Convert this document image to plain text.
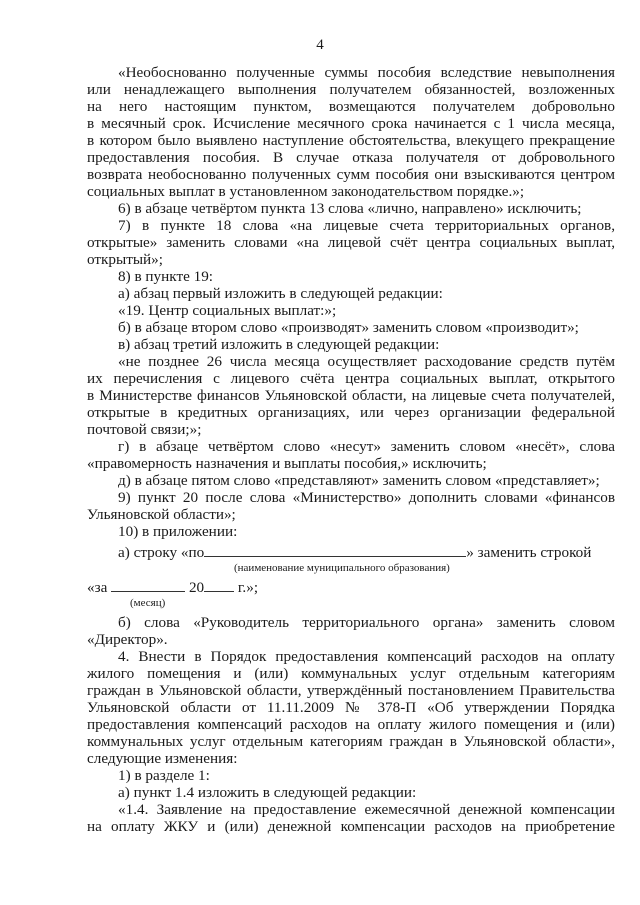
4
«Необоснованно полученные суммы пособия вследствие невыполнения
или ненадлежащего выполнения получателем обязанностей, возложенных
на него настоящим пунктом, возмещаются получателем добровольно
в месячный срок. Исчисление месячного срока начинается с 1 числа месяца,
в котором было выявлено наступление обстоятельства, влекущего прекращение
предоставления пособия. В случае отказа получателя от добровольного
возврата необоснованно полученных сумм пособия они взыскиваются центром
социальных выплат в установленном законодательством порядке.»;
6) в абзаце четвёртом пункта 13 слова «лично, направлено» исключить;
7) в пункте 18 слова «на лицевые счета территориальных органов,
открытые» заменить словами «на лицевой счёт центра социальных выплат,
открытый»;
8) в пункте 19:
а) абзац первый изложить в следующей редакции:
«19. Центр социальных выплат:»;
б) в абзаце втором слово «производят» заменить словом «производит»;
в) абзац третий изложить в следующей редакции:
«не позднее 26 числа месяца осуществляет расходование средств путём
их перечисления с лицевого счёта центра социальных выплат, открытого
в Министерстве финансов Ульяновской области, на лицевые счета получателей,
открытые в кредитных организациях, или через организации федеральной
почтовой связи;»;
г) в абзаце четвёртом слово «несут» заменить словом «несёт», слова
«правомерность назначения и выплаты пособия,» исключить;
д) в абзаце пятом слово «представляют» заменить словом «представляет»;
9) пункт 20 после слова «Министерство» дополнить словами «финансов
Ульяновской области»;
10) в приложении:
а) строку «по	» заменить строкой
(наименование муниципального образования)
«за	20 г.»;
(месяц)
б) слова «Руководитель территориального органа» заменить словом
«Директор».
4. Внести в Порядок предоставления компенсаций расходов на оплату
жилого помещения и (или) коммунальных услуг отдельным категориям
граждан в Ульяновской области, утверждённый постановлением Правительства
Ульяновской области от 11.11.2009 № 378-П «Об утверждении Порядка
предоставления компенсаций расходов на оплату жилого помещения и (или)
коммунальных услуг отдельным категориям граждан в Ульяновской области»,
следующие изменения:
1) в разделе 1:
а) пункт 1.4 изложить в следующей редакции:
«1.4. Заявление на предоставление ежемесячной денежной компенсации
на оплату ЖКУ и (или) денежной компенсации расходов на приобретение
